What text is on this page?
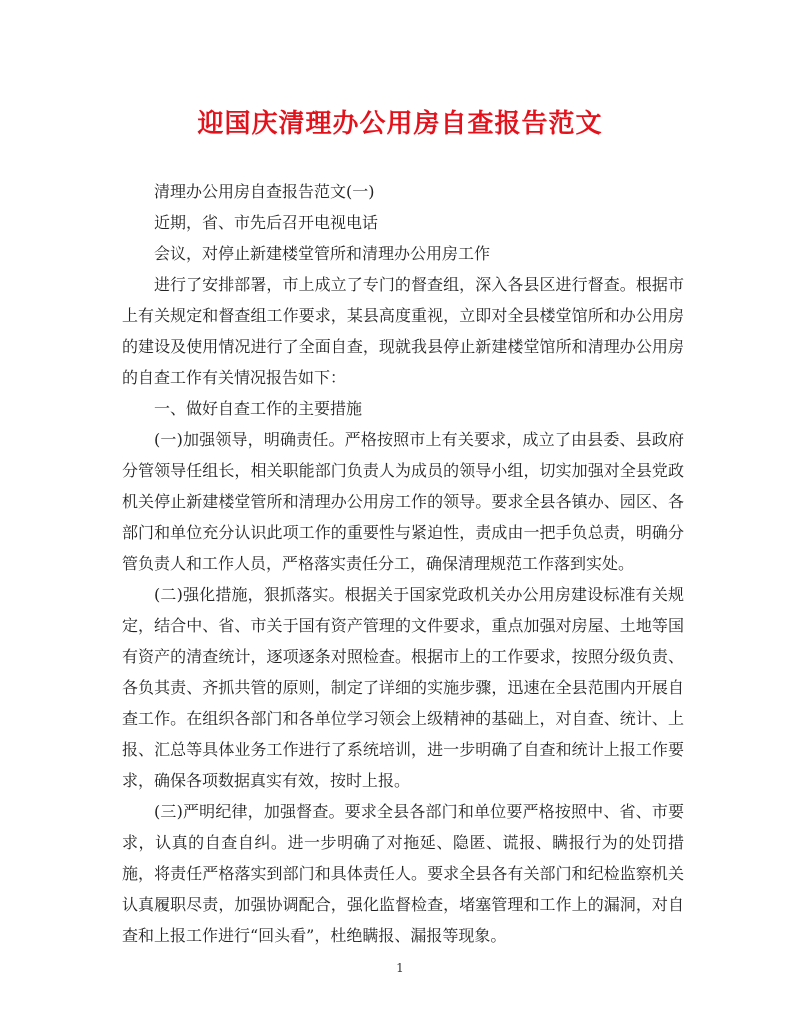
迎国庆清理办公用房自查报告范文

清理办公用房自查报告范文(一)

近期，省、市先后召开电视电话

会议，对停止新建楼堂管所和清理办公用房工作

进行了安排部署，市上成立了专门的督查组，深入各县区进行督查。根据市上有关规定和督查组工作要求，某县高度重视，立即对全县楼堂馆所和办公用房的建设及使用情况进行了全面自查，现就我县停止新建楼堂馆所和清理办公用房的自查工作有关情况报告如下：

一、做好自查工作的主要措施

(一)加强领导，明确责任。严格按照市上有关要求，成立了由县委、县政府分管领导任组长，相关职能部门负责人为成员的领导小组，切实加强对全县党政机关停止新建楼堂管所和清理办公用房工作的领导。要求全县各镇办、园区、各部门和单位充分认识此项工作的重要性与紧迫性，责成由一把手负总责，明确分管负责人和工作人员，严格落实责任分工，确保清理规范工作落到实处。

(二)强化措施，狠抓落实。根据关于国家党政机关办公用房建设标准有关规定，结合中、省、市关于国有资产管理的文件要求，重点加强对房屋、土地等国有资产的清查统计，逐项逐条对照检查。根据市上的工作要求，按照分级负责、各负其责、齐抓共管的原则，制定了详细的实施步骤，迅速在全县范围内开展自查工作。在组织各部门和各单位学习领会上级精神的基础上，对自查、统计、上报、汇总等具体业务工作进行了系统培训，进一步明确了自查和统计上报工作要求，确保各项数据真实有效，按时上报。

(三)严明纪律，加强督查。要求全县各部门和单位要严格按照中、省、市要求，认真的自查自纠。进一步明确了对拖延、隐匿、谎报、瞒报行为的处罚措施，将责任严格落实到部门和具体责任人。要求全县各有关部门和纪检监察机关认真履职尽责，加强协调配合，强化监督检查，堵塞管理和工作上的漏洞，对自查和上报工作进行“回头看”，杜绝瞒报、漏报等现象。

1
